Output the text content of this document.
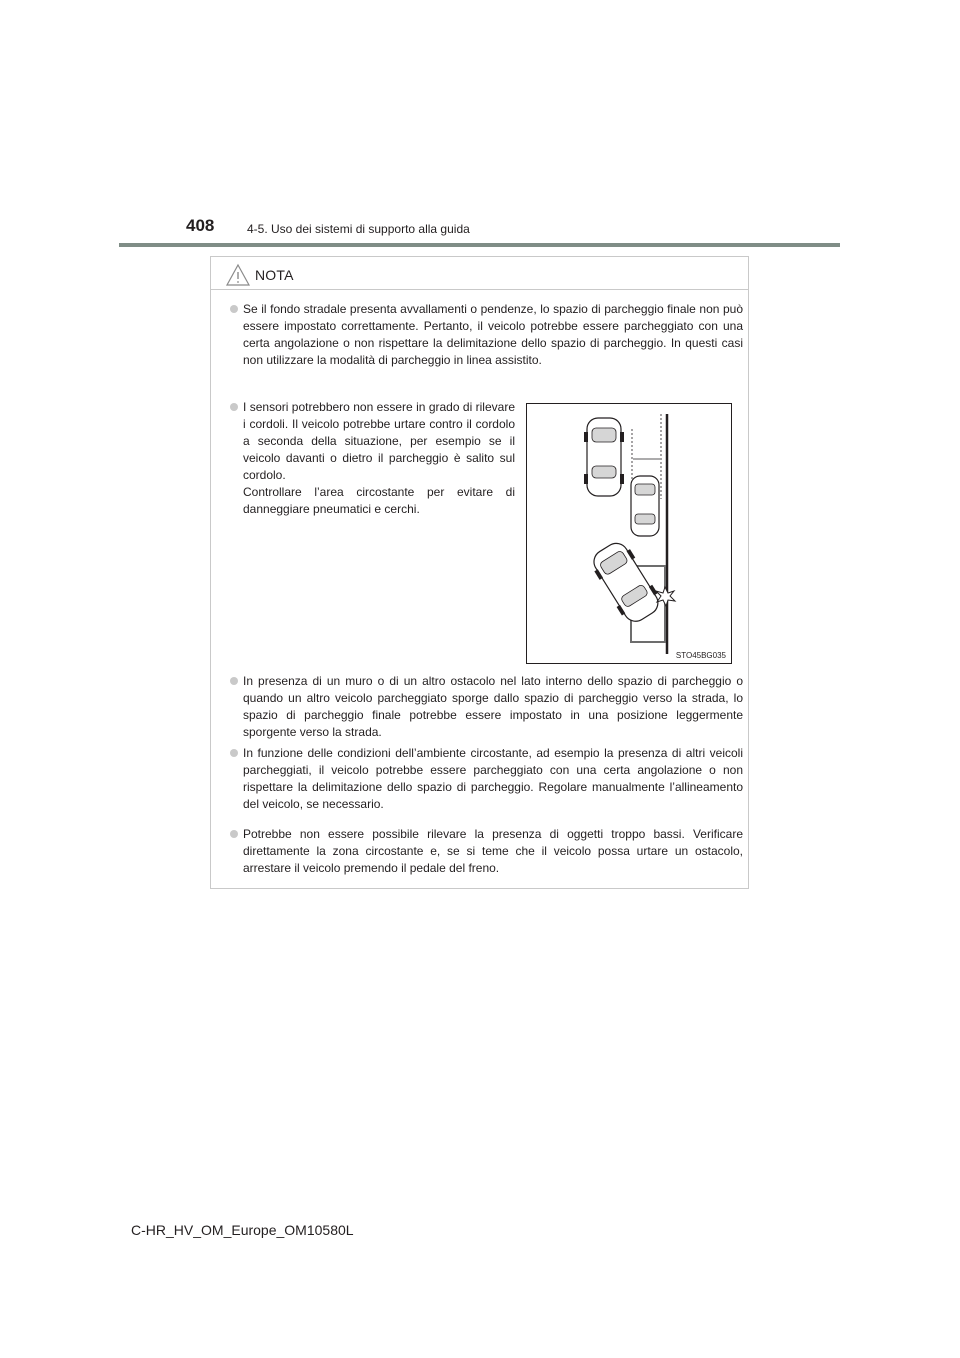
408	4-5. Uso dei sistemi di supporto alla guida
NOTA
Se il fondo stradale presenta avvallamenti o pendenze, lo spazio di parcheggio finale non può essere impostato correttamente. Pertanto, il veicolo potrebbe essere parcheggiato con una certa angolazione o non rispettare la delimitazione dello spazio di parcheggio. In questi casi non utilizzare la modalità di parcheggio in linea assistito.
I sensori potrebbero non essere in grado di rilevare i cordoli. Il veicolo potrebbe urtare contro il cordolo a seconda della situazione, per esempio se il veicolo davanti o dietro il parcheggio è salito sul cordolo.
Controllare l’area circostante per evitare di danneggiare pneumatici e cerchi.
STO45BG035
In presenza di un muro o di un altro ostacolo nel lato interno dello spazio di parcheggio o quando un altro veicolo parcheggiato sporge dallo spazio di parcheggio verso la strada, lo spazio di parcheggio finale potrebbe essere impostato in una posizione leggermente sporgente verso la strada.
In funzione delle condizioni dell’ambiente circostante, ad esempio la presenza di altri veicoli parcheggiati, il veicolo potrebbe essere parcheggiato con una certa angolazione o non rispettare la delimitazione dello spazio di parcheggio. Regolare manualmente l’allineamento del veicolo, se necessario.
Potrebbe non essere possibile rilevare la presenza di oggetti troppo bassi. Verificare direttamente la zona circostante e, se si teme che il veicolo possa urtare un ostacolo, arrestare il veicolo premendo il pedale del freno.
C-HR_HV_OM_Europe_OM10580L
